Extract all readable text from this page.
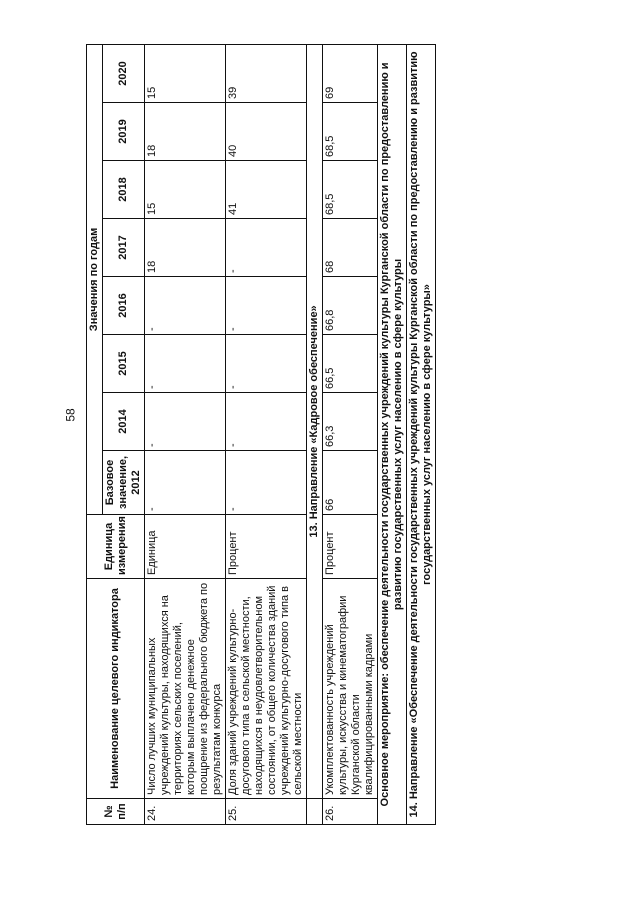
58
№ п/п	Наименование целевого индикатора	Единица измерения	Значения по годам							
			Базовое значение, 2012	2014	2015	2016	2017	2018	2019	2020
24.	Число лучших муниципальных учреждений культуры, находящихся на территориях сельских поселений, которым выплачено денежное поощрение из федерального бюджета по результатам конкурса	Единица	-	-	-	-	18	15	18	15
25.	Доля зданий учреждений культурно-досугового типа в сельской местности, находящихся в неудовлетворительном состоянии, от общего количества зданий учреждений культурно-досугового типа в сельской местности	Процент	-	-	-	-	-	41	40	39
	13. Направление «Кадровое обеспечение»									
26.	Укомплектованность учреждений культуры, искусства и кинематографии Курганской области квалифицированными кадрами	Процент	66	66,3	66,5	66,8	68	68,5	68,5	69
Основное мероприятие: обеспечение деятельности государственных учреждений культуры Курганской области по предоставлению и развитию государственных услуг населению в сфере культуры										
14. Направление «Обеспечение деятельности государственных учреждений культуры Курганской области по предоставлению и развитию государственных услуг населению в сфере культуры»										
